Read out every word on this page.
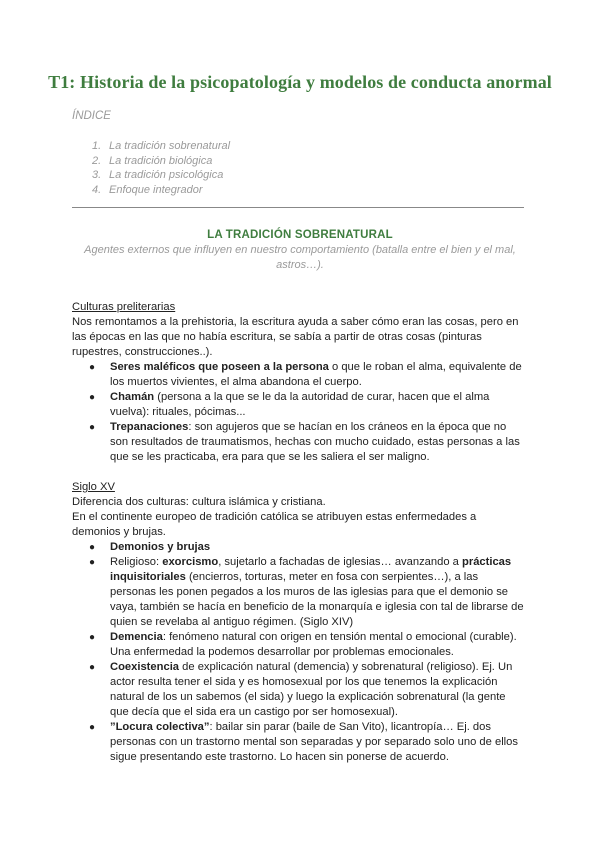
T1: Historia de la psicopatología y modelos de conducta anormal
ÍNDICE
1. La tradición sobrenatural
2. La tradición biológica
3. La tradición psicológica
4. Enfoque integrador
LA TRADICIÓN SOBRENATURAL
Agentes externos que influyen en nuestro comportamiento (batalla entre el bien y el mal, astros…).

Culturas preliterarias

Nos remontamos a la prehistoria, la escritura ayuda a saber cómo eran las cosas, pero en las épocas en las que no había escritura, se sabía a partir de otras cosas (pinturas rupestres, construcciones..).

● Seres maléficos que poseen a la persona o que le roban el alma, equivalente de los muertos vivientes, el alma abandona el cuerpo.
● Chamán (persona a la que se le da la autoridad de curar, hacen que el alma vuelva): rituales, pócimas...
● Trepanaciones: son agujeros que se hacían en los cráneos en la época que no son resultados de traumatismos, hechas con mucho cuidado, estas personas a las que se les practicaba, era para que se les saliera el ser maligno.

Siglo XV

Diferencia dos culturas: cultura islámica y cristiana.

En el continente europeo de tradición católica se atribuyen estas enfermedades a demonios y brujas.

● Demonios y brujas
● Religioso: exorcismo, sujetarlo a fachadas de iglesias… avanzando a prácticas inquisitoriales (encierros, torturas, meter en fosa con serpientes…), a las personas les ponen pegados a los muros de las iglesias para que el demonio se vaya, también se hacía en beneficio de la monarquía e iglesia con tal de librarse de quien se revelaba al antiguo régimen. (Siglo XIV)
● Demencia: fenómeno natural con origen en tensión mental o emocional (curable). Una enfermedad la podemos desarrollar por problemas emocionales.
● Coexistencia de explicación natural (demencia) y sobrenatural (religioso). Ej. Un actor resulta tener el sida y es homosexual por los que tenemos la explicación natural de los un sabemos (el sida) y luego la explicación sobrenatural (la gente que decía que el sida era un castigo por ser homosexual).
● ”Locura colectiva”: bailar sin parar (baile de San Vito), licantropía… Ej. dos personas con un trastorno mental son separadas y por separado solo uno de ellos sigue presentando este trastorno. Lo hacen sin ponerse de acuerdo.
